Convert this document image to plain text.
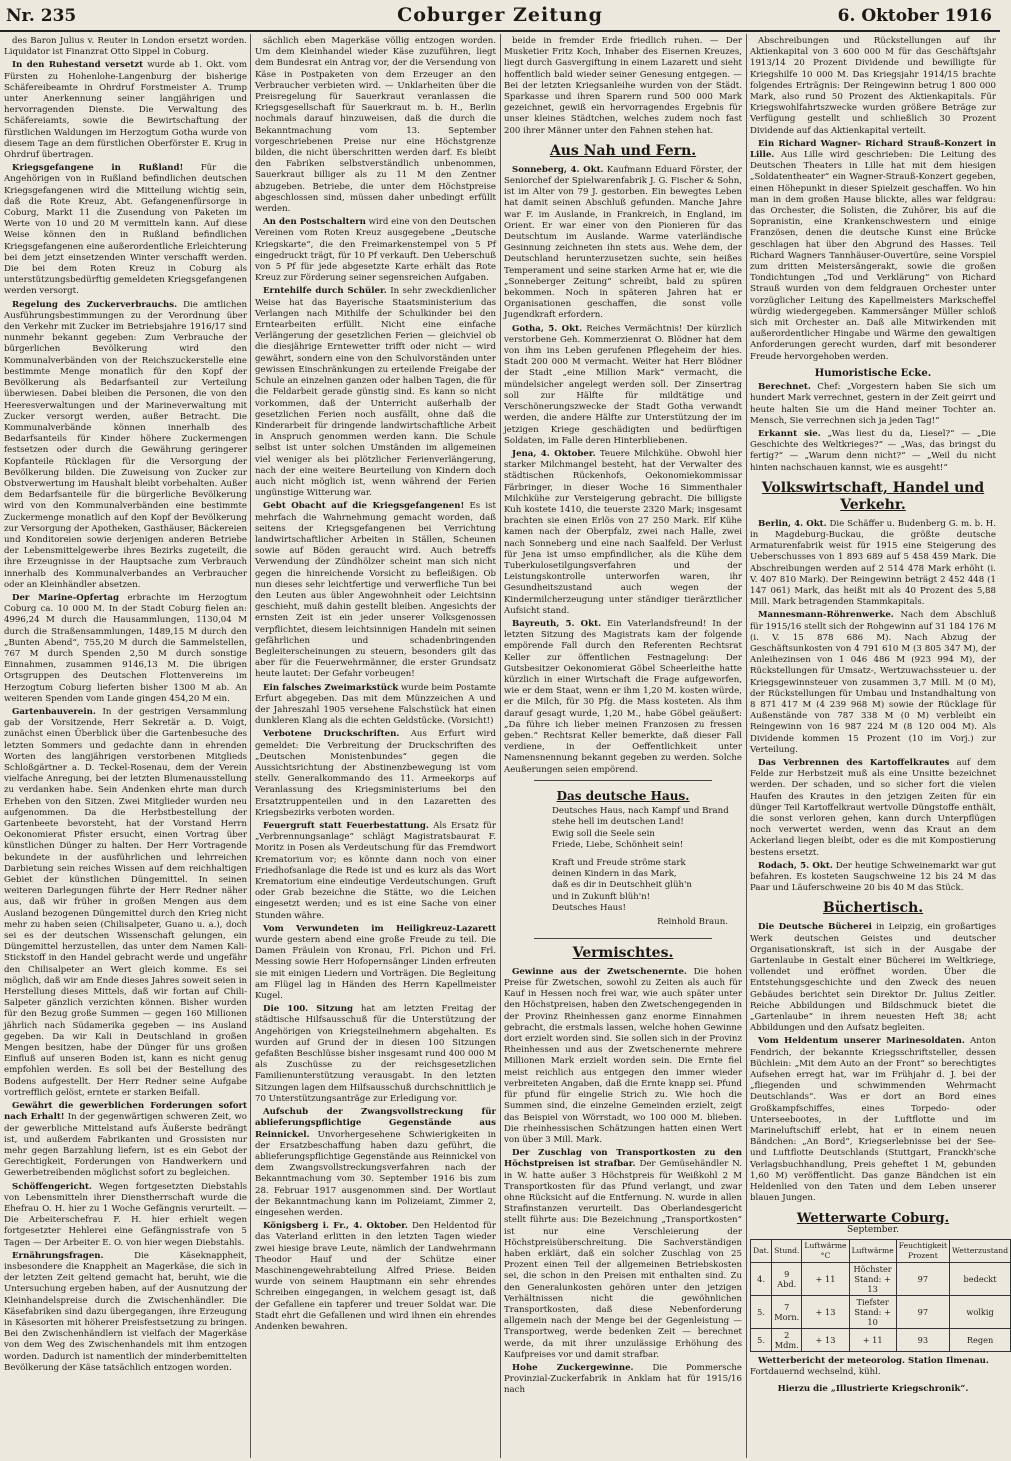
Nr. 235	Coburger Zeitung	6. Oktober 1916
des Baron Julius v. Reuter in London ersetzt worden. Liquidator ist Finanzrat Otto Sippel in Coburg.
In den Ruhestand versetzt wurde ab 1. Okt. vom Fürsten zu Hohenlohe-Langenburg der bisherige Schäfereibeamte in Ohrdruf Forstmeister A. Trump unter Anerkennung seiner langjährigen und hervorragenden Dienste. Die Verwaltung des Schäfereiamts, sowie die Bewirtschaftung der fürstlichen Waldungen im Herzogtum Gotha wurde von diesem Tage an dem fürstlichen Oberförster E. Krug in Ohrdruf übertragen.
Kriegsgefangene in Rußland! Für die Angehörigen von in Rußland befindlichen deutschen Kriegsgefangenen wird die Mitteilung wichtig sein, daß die Rote Kreuz, Abt. Gefangenenfürsorge in Coburg, Markt 11 die Zusendung von Paketen im Werte von 10 und 20 M vermitteln kann. Auf diese Weise können den in Rußland befindlichen Kriegsgefangenen eine außerordentliche Erleichterung bei dem jetzt einsetzenden Winter verschafft werden. Die bei dem Roten Kreuz in Coburg als unterstützungsbedürftig gemeldeten Kriegsgefangenen werden versorgt.
Regelung des Zuckerverbrauchs. Die amtlichen Ausführungsbestimmungen zu der Verordnung über den Verkehr mit Zucker im Betriebsjahre 1916/17 sind nunmehr bekannt gegeben: Zum Verbrauche der bürgerlichen Bevölkerung wird den Kommunalverbänden von der Reichszuckerstelle eine bestimmte Menge monatlich für den Kopf der Bevölkerung als Bedarfsanteil zur Verteilung überwiesen. Dabei bleiben die Personen, die von den Heeresverwaltungen und der Marineverwaltung mit Zucker versorgt werden, außer Betracht. Die Kommunalverbände können innerhalb des Bedarfsanteils für Kinder höhere Zuckermengen festsetzen oder durch die Gewährung geringerer Kopfanteile Rücklagen für die Versorgung der Bevölkerung bilden. Die Zuweisung von Zucker zur Obstverwertung im Haushalt bleibt vorbehalten. Außer dem Bedarfsanteile für die bürgerliche Bevölkerung wird von den Kommunalverbänden eine bestimmte Zuckermenge monatlich auf den Kopf der Bevölkerung zur Versorgung der Apotheken, Gasthäuser, Bäckereien und Konditoreien sowie derjenigen anderen Betriebe der Lebensmittelgewerbe ihres Bezirks zugeteilt, die ihre Erzeugnisse in der Hauptsache zum Verbrauch innerhalb des Kommunalverbandes an Verbraucher oder an Kleinhändler absetzen.
Der Marine-Opfertag erbrachte im Herzogtum Coburg ca. 10 000 M. In der Stadt Coburg fielen an: 4996,24 M durch die Hausammlungen, 1130,04 M durch die Straßensammlungen, 1489,15 M durch den „Bunten Abend“, 755,20 M durch die Sammelstellen, 767 M durch Spenden 2,50 M durch sonstige Einnahmen, zusammen 9146,13 M. Die übrigen Ortsgruppen des Deutschen Flottenvereins im Herzogtum Coburg lieferten bisher 1300 M ab. An weiteren Spenden vom Lande gingen 454,20 M ein.
Gartenbauverein. In der gestrigen Versammlung gab der Vorsitzende, Herr Sekretär a. D. Voigt, zunächst einen Überblick über die Gartenbesuche des letzten Sommers und gedachte dann in ehrenden Worten des langjährigen verstorbenen Mitglieds Schloßgärtner a. D. Teckel-Rosenau, dem der Verein vielfache Anregung, bei der letzten Blumenausstellung zu verdanken habe. Sein Andenken ehrte man durch Erheben von den Sitzen. Zwei Mitglieder wurden neu aufgenommen. Da die Herbstbestellung der Gartenbeete bevorsteht, hat der Vorstand Herrn Oekonomierat Pfister ersucht, einen Vortrag über künstlichen Dünger zu halten. Der Herr Vortragende bekundete in der ausführlichen und lehrreichen Darbietung sein reiches Wissen auf dem reichhaltigen Gebiet der künstlichen Düngemittel. In seinen weiteren Darlegungen führte der Herr Redner näher aus, daß wir früher in großen Mengen aus dem Ausland bezogenen Düngemittel durch den Krieg nicht mehr zu haben seien (Chilisalpeter, Guano u. a.), doch sei es der deutschen Wissenschaft gelungen, ein Düngemittel herzustellen, das unter dem Namen Kali-Stickstoff in den Handel gebracht werde und ungefähr den Chilisalpeter an Wert gleich komme. Es sei möglich, daß wir am Ende dieses Jahres soweit seien in Herstellung dieses Mittels, daß wir fortan auf Chili-Salpeter gänzlich verzichten können. Bisher wurden für den Bezug große Summen — gegen 160 Millionen jährlich nach Südamerika gegeben — ins Ausland gegeben. Da wir Kali in Deutschland in großen Mengen besitzen, habe der Dünger für uns großen Einfluß auf unseren Boden ist, kann es nicht genug empfohlen werden. Es soll bei der Bestellung des Bodens aufgestellt. Der Herr Redner seine Aufgabe vortrefflich gelöst, erntete er starken Beifall.
Gewährt die gewerblichen Forderungen sofort nach Erhalt! In der gegenwärtigen schweren Zeit, wo der gewerbliche Mittelstand aufs Äußerste bedrängt ist, und außerdem Fabrikanten und Grossisten nur mehr gegen Barzahlung liefern, ist es ein Gebot der Gerechtigkeit, Forderungen von Handwerkern und Gewerbetreibenden möglichst sofort zu begleichen.
Schöffengericht. Wegen fortgesetzten Diebstahls von Lebensmitteln ihrer Dienstherrschaft wurde die Ehefrau O. H. hier zu 1 Woche Gefängnis verurteilt. — Die Arbeiterschefrau F. H. hier erhielt wegen fortgesetzter Hehlerei eine Gefängnisstrafe von 5 Tagen — Der Arbeiter E. O. von hier wegen Diebstahls.
Ernährungsfragen.	Die Käseknappheit, insbesondere die Knappheit an Magerkäse, die sich in der letzten Zeit geltend gemacht hat, beruht, wie die Untersuchung ergeben haben, auf der Ausnutzung der Kleinhandelspreise durch die Zwischenhändler. Die Käsefabriken sind dazu übergegangen, ihre Erzeugung in Käsesorten mit höherer Preisfestsetzung zu bringen. Bei den Zwischenhändlern ist vielfach der Magerkäse von dem Weg des Zwischenhandels mit ihm entzogen worden. Dadurch ist namentlich der minderbemittelten Bevölkerung der Käse tatsächlich entzogen worden.
sächlich eben Magerkäse völlig entzogen worden. Um dem Kleinhandel wieder Käse zuzuführen, liegt dem Bundesrat ein Antrag vor, der die Versendung von Käse in Postpaketen von dem Erzeuger an den Verbraucher verbieten wird. — Unklarheiten über die Preisregelung für Sauerkraut veranlassen die Kriegsgesellschaft für Sauerkraut m. b. H., Berlin nochmals darauf hinzuweisen, daß die durch die Bekanntmachung vom 13. September vorgeschriebenen Preise nur eine Höchstgrenze bilden, die nicht überschritten werden darf. Es bleibt den Fabriken selbstverständlich unbenommen, Sauerkraut billiger als zu 11 M den Zentner abzugeben. Betriebe, die unter dem Höchstpreise abgeschlossen sind, müssen daher unbedingt erfüllt werden.
An den Postschaltern wird eine von den Deutschen Vereinen vom Roten Kreuz ausgegebene „Deutsche Kriegskarte“, die den Freimarkenstempel von 5 Pf eingedruckt trägt, für 10 Pf verkauft. Den Ueberschuß von 5 Pf für jede abgesetzte Karte erhält das Rote Kreuz zur Förderung seiner segensreichen Aufgaben.
Erntehilfe durch Schüler. In sehr zweckdienlicher Weise hat das Bayerische Staatsministerium das Verlangen nach Mithilfe der Schulkinder bei den Erntearbeiten erfüllt. Nicht eine einfache Verlängerung der gesetzlichen Ferien — gleichviel ob die diesjährige Erntewetter trifft oder nicht — wird gewährt, sondern eine von den Schulvorständen unter gewissen Einschränkungen zu erteilende Freigabe der Schule an einzelnen ganzen oder halben Tagen, die für die Feldarbeit gerade günstig sind. Es kann so nicht vorkommen, daß der Unterricht außerhalb der gesetzlichen Ferien noch ausfällt, ohne daß die Kinderarbeit für dringende landwirtschaftliche Arbeit in Anspruch genommen werden kann. Die Schule selbst ist unter solchen Umständen im allgemeinen viel weniger als bei plötzlicher Ferienverlängerung, nach der eine weitere Beurteilung von Kindern doch auch nicht möglich ist, wenn während der Ferien ungünstige Witterung war.
Gebt Obacht auf die Kriegsgefangenen! Es ist mehrfach die Wahrnehmung gemacht worden, daß seitens der Kriegsgefangenen bei Verrichtung landwirtschaftlicher Arbeiten in Ställen, Scheunen sowie auf Böden geraucht wird. Auch betreffs Verwendung der Zündhölzer scheint man sich nicht gegen die hinreichende Vorsicht zu befleißigen. Ob nun dieses sehr leichtfertige und verwerfliche Tun bei den Leuten aus übler Angewohnheit oder Leichtsinn geschieht, muß dahin gestellt bleiben. Angesichts der ernsten Zeit ist ein jeder unserer Volksgenossen verpflichtet, diesem leichtsinnigen Handeln mit seinen gefährlichen und schadenbringenden Begleiterscheinungen zu steuern, besonders gilt das aber für die Feuerwehrmänner, die erster Grundsatz heute lautet: Der Gefahr vorbeugen!
Ein falsches Zweimarkstück wurde beim Postamte Erfurt abgegeben. Das mit dem Münzzeichen A und der Jahreszahl 1905 versehene Falschstück hat einen dunkleren Klang als die echten Geldstücke. (Vorsicht!)
Verbotene Druckschriften. Aus Erfurt wird gemeldet: Die Verbreitung der Druckschriften des „Deutschen Monistenbundes“ gegen die Aussichtsrichtung der Abstinenzbewegung ist vom stellv. Generalkommando des 11. Armeekorps auf Veranlassung des Kriegsministeriums bei den Ersatztruppenteilen und in den Lazaretten des Kriegsbezirks verboten worden.
Feuergruft statt Feuerbestattung. Als Ersatz für „Verbrennungsanlage“ schlägt Magistratsbaurat F. Moritz in Posen als Verdeutschung für das Fremdwort Krematorium vor; es könnte dann noch von einer Friedhofsanlage die Rede ist und es kurz als das Wort Krematorium eine eindeutige Verdeutschungen. Gruft oder Grab bezeichne die Stätte, wo die Leichen eingesetzt werden; und es ist eine Sache von einer Stunden währe.
Vom Verwundeten im Heiligkreuz-Lazarett wurde gestern abend eine große Freude zu teil. Die Damen Fräulein von Kronau, Frl. Pichon und Frl. Messing sowie Herr Hofopernsänger Linden erfreuten sie mit einigen Liedern und Vorträgen. Die Begleitung am Flügel lag in Händen des Herrn Kapellmeister Kugel.
Die 100. Sitzung hat am letzten Freitag der städtische Hilfsausschuß für die Unterstützung der Angehörigen von Kriegsteilnehmern abgehalten. Es wurden auf Grund der in diesen 100 Sitzungen gefaßten Beschlüsse bisher insgesamt rund 400 000 M als Zuschüsse zu der reichsgesetzlichen Familienunterstützung verausgabt. In den letzten Sitzungen lagen dem Hilfsausschuß durchschnittlich je 70 Unterstützungsanträge zur Erledigung vor.
Aufschub der Zwangsvollstreckung für ablieferungspflichtige Gegenstände aus Reinnickel. Unvorhergesehene Schwierigkeiten in der Ersatzbeschaffung haben dazu geführt, die ablieferungspflichtige Gegenstände aus Reinnickel von dem Zwangsvollstreckungsverfahren nach der Bekanntmachung vom 30. September 1916 bis zum 28. Februar 1917 ausgenommen sind. Der Wortlaut der Bekanntmachung kann im Polizeiamt, Zimmer 2, eingesehen werden.
Königsberg i. Fr., 4. Oktober. Den Heldentod für das Vaterland erlitten in den letzten Tagen wieder zwei hiesige brave Leute, nämlich der Landwehrmann Theodor Hauf und der Schütze einer Maschinengewehrabteilung Alfred Priese. Beiden wurde von seinem Hauptmann ein sehr ehrendes Schreiben eingegangen, in welchem gesagt ist, daß der Gefallene ein tapferer und treuer Soldat war. Die Stadt ehrt die Gefallenen und wird ihnen ein ehrendes Andenken bewahren.
beide in fremder Erde friedlich ruhen. — Der Musketier Fritz Koch, Inhaber des Eisernen Kreuzes, liegt durch Gasvergiftung in einem Lazarett und sieht hoffentlich bald wieder seiner Genesung entgegen. — Bei der letzten Kriegsanleihe wurden von der Städt. Sparkasse und ihren Sparern rund 500 000 Mark gezeichnet, gewiß ein hervorragendes Ergebnis für unser kleines Städtchen, welches zudem noch fast 200 ihrer Männer unter den Fahnen stehen hat.
Aus Nah und Fern.
Sonneberg, 4. Okt. Kaufmann Eduard Förster, der Seniorchef der Spielwarenfabrik J. G. Fischer & Sohn, ist im Alter von 79 J. gestorben. Ein bewegtes Leben hat damit seinen Abschluß gefunden. Manche Jahre war F. im Auslande, in Frankreich, in England, im Orient. Er war einer von den Pionieren für das Deutschtum im Auslande. Warme vaterländische Gesinnung zeichneten ihn stets aus. Wehe dem, der Deutschland herunterzusetzen suchte, sein heißes Temperament und seine starken Arme hat er, wie die „Sonneberger Zeitung“ schreibt, bald zu spüren bekommen. Noch in späteren Jahren hat er Organisationen geschaffen, die sonst volle Jugendkraft erfordern.
Gotha, 5. Okt. Reiches Vermächtnis! Der kürzlich verstorbene Geh. Kommerzienrat O. Blödner hat dem von ihm ins Leben gerufenen Pflegeheim der hies. Stadt 200 000 M vermacht. Weiter hat Herr Blödner der Stadt „eine Million Mark“ vermacht, die mündelsicher angelegt werden soll. Der Zinsertrag soll zur Hälfte für mildtätige und Verschönerungszwecke der Stadt Gotha verwandt werden, die andere Hälfte zur Unterstützung der im jetzigen Kriege geschädigten und bedürftigen Soldaten, im Falle deren Hinterbliebenen.
Jena, 4. Oktober. Teuere Milchkühe. Obwohl hier starker Milchmangel besteht, hat der Verwalter des städtischen Rückenhofs, Oekonomiekommissar Färbringer, in dieser Woche 16 Simmenthaler Milchkühe zur Versteigerung gebracht. Die billigste Kuh kostete 1410, die teuerste 2320 Mark; insgesamt brachten sie einen Erlös von 27 250 Mark. Elf Kühe kamen nach der Oberpfalz, zwei nach Halle, zwei nach Sonneberg und eine nach Saalfeld. Der Verlust für Jena ist umso empfindlicher, als die Kühe dem Tuberkulosetilgungsverfahren und der Leistungskontrolle unterworfen waren, ihr Gesundheitszustand auch wegen der Kindermilcherzeugung unter ständiger tierärztlicher Aufsicht stand.
Bayreuth, 5. Okt. Ein Vaterlandsfreund! In der letzten Sitzung des Magistrats kam der folgende empörende Fall durch den Referenten Rechtsrat Keller zur öffentlichen Festnagelung: Der Gutsbesitzer Oekonomierat Göbel Scheerleithe hatte kürzlich in einer Wirtschaft die Frage aufgeworfen, wie er dem Staat, wenn er ihm 1,20 M. kosten würde, er die Milch, für 30 Pfg. die Mass kosteten. Als ihm darauf gesagt wurde, 1,20 M., habe Göbel geäußert: „Da führe ich lieber meinen Franzosen zu fressen geben.“ Rechtsrat Keller bemerkte, daß dieser Fall verdiene, in der Oeffentlichkeit unter Namensnennung bekannt gegeben zu werden. Solche Aeußerungen seien empörend.
Das deutsche Haus.
Deutsches Haus, nach Kampf und Brand
stehe hell im deutschen Land!
Ewig soll die Seele sein
Friede, Liebe, Schönheit sein!
Kraft und Freude ströme stark
deinen Kindern in das Mark,
daß es dir in Deutschheit glüh'n
und in Zukunft blüh'n!
Deutsches Haus!
Reinhold Braun.
Vermischtes.
Gewinne aus der Zwetschenernte. Die hohen Preise für Zwetschen, sowohl zu Zeiten als auch für Kauf in Hessen noch frei war, wie auch später unter den Höchstpreisen, haben den Zwetschengegenden in der Provinz Rheinhessen ganz enorme Einnahmen gebracht, die erstmals lassen, welche hohen Gewinne dort erzielt worden sind. Sie sollen sich in der Provinz Rheinhessen und aus der Zwetschenernte mehrere Millionen Mark erzielt worden sein. Die Ernte fiel meist reichlich aus entgegen den immer wieder verbreiteten Angaben, daß die Ernte knapp sei. Pfund für pfund für eingelie Strich zu. Wie hoch die Summen sind, die einzelne Gemeinden erzielt, zeigt das Beispiel von Wörrstadt, wo 100 000 M. blieben. Die rheinhessischen Schätzungen hatten einen Wert von über 3 Mill. Mark.
Der Zuschlag von Transportkosten zu den Höchstpreisen ist strafbar. Der Gemüsehändler N. in W. hatte außer 3 Höchstpreis für Weißkohl 2 M Transportkosten für das Pfund verlangt, und zwar ohne Rücksicht auf die Entfernung. N. wurde in allen Strafinstanzen verurteilt. Das Oberlandesgericht stellt führte aus: Die Bezeichnung „Transportkosten“ ist nur eine Verschleierung der Höchstpreisüberschreitung. Die Sachverständigen haben erklärt, daß ein solcher Zuschlag von 25 Prozent einen Teil der allgemeinen Betriebskosten sei, die schon in den Preisen mit enthalten sind. Zu den Generalunkosten gehören unter den jetzigen Verhältnissen nicht die gewöhnlichen Transportkosten, daß diese Nebenforderung allgemein nach der Menge bei der Gegenleistung — Transportweg, werde bedenken Zeit — berechnet werde, da mit ihrer unzulässige Erhöhung des Kaufpreises vor und damit strafbar.
Hohe Zuckergewinne. Die Pommersche Provinzial-Zuckerfabrik in Anklam hat für 1915/16 nach
Abschreibungen und Rückstellungen auf ihr Aktienkapital von 3 600 000 M für das Geschäftsjahr 1913/14 20 Prozent Dividende und bewilligte für Kriegshilfe 10 000 M. Das Kriegsjahr 1914/15 brachte folgendes Erträgnis: Der Reingewinn betrug 1 800 000 Mark, also rund 50 Prozent des Aktienkapitals. Für Kriegswohlfahrtszwecke wurden größere Beträge zur Verfügung gestellt und schließlich 30 Prozent Dividende auf das Aktienkapital verteilt.
Ein Richard Wagner- Richard Strauß-Konzert in Lille. Aus Lille wird geschrieben: Die Leitung des Deutschen Theaters in Lille hat mit dem hiesigen „Soldatentheater“ ein Wagner-Strauß-Konzert gegeben, einen Höhepunkt in dieser Spielzeit geschaffen. Wo hin man in dem großen Hause blickte, alles war feldgrau: das Orchester, die Solisten, die Zuhörer, bis auf die Sopranistin, eine Krankenschwestern und einige Französen, denen die deutsche Kunst eine Brücke geschlagen hat über den Abgrund des Hasses. Teil Richard Wagners Tannhäuser-Ouvertüre, seine Vorspiel zum dritten Meistersängerakt, sowie die großen Tondichtungen „Tod und Verklärung“ von Richard Strauß wurden von dem feldgrauen Orchester unter vorzüglicher Leitung des Kapellmeisters Markscheffel würdig wiedergegeben. Kammersänger Müller schloß sich mit Orchester an. Daß alle Mitwirkenden mit außerordentlicher Hingabe und Wärme den gewaltigen Anforderungen gerecht wurden, darf mit besonderer Freude hervorgehoben werden.
Humoristische Ecke.
Berechnet. Chef: „Vorgestern haben Sie sich um hundert Mark verrechnet, gestern in der Zeit geirrt und heute halten Sie um die Hand meiner Tochter an. Mensch, Sie verrechnen sich ja jeden Tag!“
Erkannt sie. „Was liest du da, Liesel?“ — „Die Geschichte des Weltkrieges?“ — „Was, das bringst du fertig?“ — „Warum denn nicht?“ — „Weil du nicht hinten nachschauen kannst, wie es ausgeht!“
Volkswirtschaft, Handel und Verkehr.
Berlin, 4. Okt. Die Schäffer u. Budenberg G. m. b. H. in Magdeburg-Buckau, die größte deutsche Armaturenfabrik weist für 1915 eine Steigerung des Ueberschusses von 1 893 689 auf 5 458 459 Mark. Die Abschreibungen werden auf 2 514 478 Mark erhöht (i. V. 407 810 Mark). Der Reingewinn beträgt 2 452 448 (1 147 061) Mark, das heißt mit als 40 Prozent des 5,88 Mill. Mark betragenden Stammkapitals.
Mannesmann-Röhrenwerke. Nach dem Abschluß für 1915/16 stellt sich der Rohgewinn auf 31 184 176 M (i. V. 15 878 686 M). Nach Abzug der Geschäftsunkosten von 4 791 610 M (3 805 347 M), der Anleihezinsen von 1 046 486 M (923 994 M), der Rückstellungen für Umsatz-, Wertzuwachssteuer u. der Kriegsgewinnsteuer von zusammen 3,7 Mill. M (0 M), der Rückstellungen für Umbau und Instandhaltung von 8 871 417 M (4 239 968 M) sowie der Rücklage für Außenstände von 787 338 M (0 M) verbleibt ein Reingewinn von 16 987 224 M (8 120 004 M). Als Dividende kommen 15 Prozent (10 im Vorj.) zur Verteilung.
Das Verbrennen des Kartoffelkrautes auf dem Felde zur Herbstzeit muß als eine Unsitte bezeichnet werden. Der schaden, und so sicher fort die vielen Haufen des Krautes in den jetzigen Zeiten für ein dünger Teil Kartoffelkraut wertvolle Düngstoffe enthält, die sonst verloren gehen, kann durch Unterpflügen noch verwertet werden, wenn das Kraut an dem Ackerland liegen bleibt, oder es die mit Kompostierung bestens ersetzt.
Rodach, 5. Okt. Der heutige Schweinemarkt war gut befahren. Es kosteten Saugschweine 12 bis 24 M das Paar und Läuferschweine 20 bis 40 M das Stück.
Büchertisch.
Die Deutsche Bücherei in Leipzig, ein großartiges Werk deutschen Geistes und deutscher Organisationskraft, ist sich in der Ausgabe der Gartenlaube in Gestalt einer Bücherei im Weltkriege, vollendet und eröffnet worden. Über die Entstehungsgeschichte und den Zweck des neuen Gebäudes berichtet sein Direktor Dr. Julius Zeitler. Reiche Abbildungen und Bildschmuck bietet die „Gartenlaube“ in ihrem neuesten Heft 38; acht Abbildungen und den Aufsatz begleiten.
Vom Heldentum unserer Marinesoldaten. Anton Fendrich, der bekannte Kriegsschriftsteller, dessen Büchlein: „Mit dem Auto an der Front“ so berechtigtes Aufsehen erregt hat, war im Frühjahr d. J. bei der „fliegenden und schwimmenden Wehrmacht Deutschlands“. Was er dort an Bord eines Großkampfschiffes, eines Torpedo- oder Unterseebootes, in der Luftflotte und im Marineluftschiff erlebt, hat er in einem neuen Bändchen: „An Bord“, Kriegserlebnisse bei der See- und Luftflotte Deutschlands (Stuttgart, Franckh'sche Verlagsbuchhandlung, Preis geheftet 1 M, gebunden 1,60 M) veröffentlicht. Das ganze Bändchen ist ein Heldenlied von den Taten und dem Leben unserer blauen Jungen.
Wetterwarte Coburg.
September.
Dat.	Stund.	Luftwärme °C	Luftwärme	Feuchtigkeit Prozent	Wetterzustand
4.	9 Abd.	+ 11	Höchster Stand: + 13	97	bedeckt
5.	7 Morn.	+ 13	Tiefster Stand: + 10	97	wolkig
5.	2 Mdm.	+ 13	+ 11	93	Regen
Wetterbericht der meteorolog. Station Ilmenau.
Fortdauernd wechselnd, kühl.
Hierzu die „Illustrierte Kriegschronik“.
